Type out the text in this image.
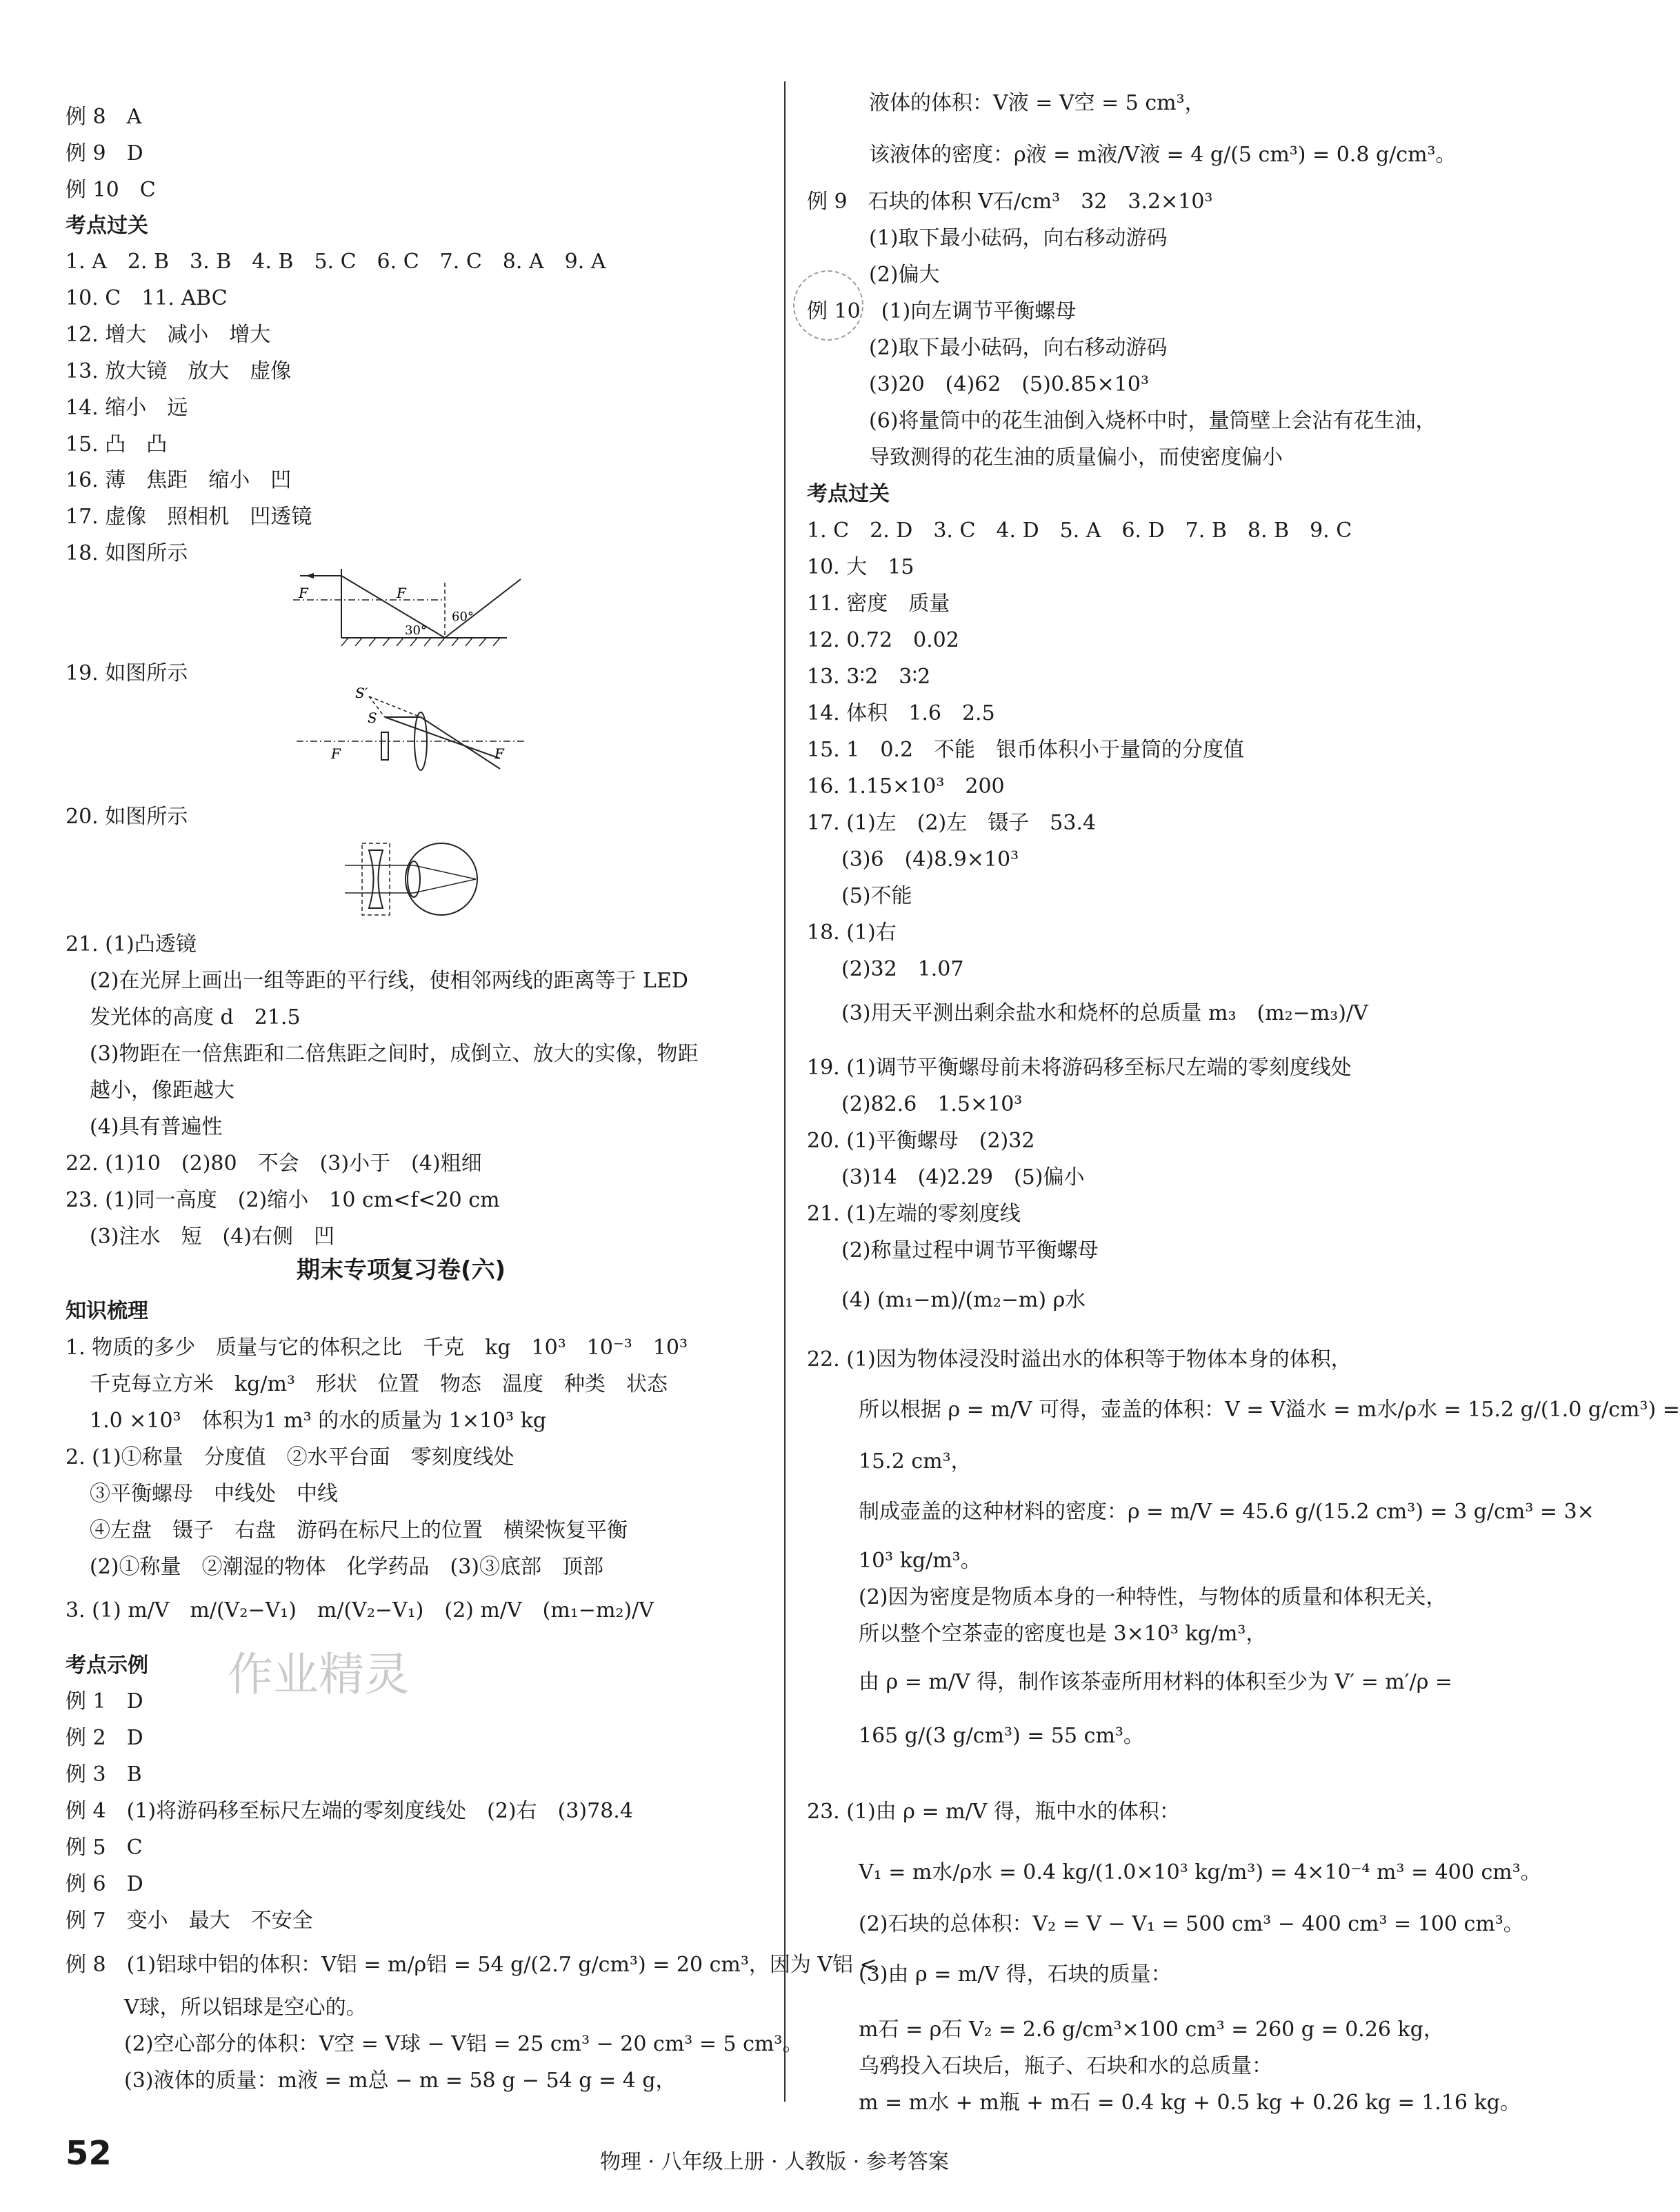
例 8　A
例 9　D
例 10　C
考点过关
1. A　2. B　3. B　4. B　5. C　6. C　7. C　8. A　9. A
10. C　11. ABC
12. 增大　减小　增大
13. 放大镜　放大　虚像
14. 缩小　远
15. 凸　凸
16. 薄　焦距　缩小　凹
17. 虚像　照相机　凹透镜
18. 如图所示
19. 如图所示
20. 如图所示
21. (1)凸透镜
(2)在光屏上画出一组等距的平行线，使相邻两线的距离等于 LED
发光体的高度 d　21.5
(3)物距在一倍焦距和二倍焦距之间时，成倒立、放大的实像，物距
越小，像距越大
(4)具有普遍性
22. (1)10　(2)80　不会　(3)小于　(4)粗细
23. (1)同一高度　(2)缩小　10 cm<f<20 cm
(3)注水　短　(4)右侧　凹
知识梳理
1. 物质的多少　质量与它的体积之比　千克　kg　10³　10⁻³　10³
千克每立方米　kg/m³　形状　位置　物态　温度　种类　状态
1.0 ×10³　体积为1 m³ 的水的质量为 1×10³ kg
2. (1)①称量　分度值　②水平台面　零刻度线处
③平衡螺母　中线处　中线
④左盘　镊子　右盘　游码在标尺上的位置　横梁恢复平衡
(2)①称量　②潮湿的物体　化学药品　(3)③底部　顶部
3. (1) m/V　m/(V₂−V₁)　m/(V₂−V₁)　(2) m/V　(m₁−m₂)/V
考点示例
例 1　D
例 2　D
例 3　B
例 4　(1)将游码移至标尺左端的零刻度线处　(2)右　(3)78.4
例 5　C
例 6　D
例 7　变小　最大　不安全
例 8　(1)铝球中铝的体积：V铝 = m/ρ铝 = 54 g/(2.7 g/cm³) = 20 cm³，因为 V铝 <
V球，所以铝球是空心的。
(2)空心部分的体积：V空 = V球 − V铝 = 25 cm³ − 20 cm³ = 5 cm³。
(3)液体的质量：m液 = m总 − m = 58 g − 54 g = 4 g，
期末专项复习卷(六)
液体的体积：V液 = V空 = 5 cm³，
该液体的密度：ρ液 = m液/V液 = 4 g/(5 cm³) = 0.8 g/cm³。
例 9　石块的体积 V石/cm³　32　3.2×10³
(1)取下最小砝码，向右移动游码
(2)偏大
例 10　(1)向左调节平衡螺母
(2)取下最小砝码，向右移动游码
(3)20　(4)62　(5)0.85×10³
(6)将量筒中的花生油倒入烧杯中时，量筒壁上会沾有花生油，
导致测得的花生油的质量偏小，而使密度偏小
考点过关
1. C　2. D　3. C　4. D　5. A　6. D　7. B　8. B　9. C
10. 大　15
11. 密度　质量
12. 0.72　0.02
13. 3∶2　3∶2
14. 体积　1.6　2.5
15. 1　0.2　不能　银币体积小于量筒的分度值
16. 1.15×10³　200
17. (1)左　(2)左　镊子　53.4
(3)6　(4)8.9×10³
(5)不能
18. (1)右
(2)32　1.07
(3)用天平测出剩余盐水和烧杯的总质量 m₃　(m₂−m₃)/V
19. (1)调节平衡螺母前未将游码移至标尺左端的零刻度线处
(2)82.6　1.5×10³
20. (1)平衡螺母　(2)32
(3)14　(4)2.29　(5)偏小
21. (1)左端的零刻度线
(2)称量过程中调节平衡螺母
(4) (m₁−m)/(m₂−m) ρ水
22. (1)因为物体浸没时溢出水的体积等于物体本身的体积，
所以根据 ρ = m/V 可得，壶盖的体积：V = V溢水 = m水/ρ水 = 15.2 g/(1.0 g/cm³) =
15.2 cm³，
制成壶盖的这种材料的密度：ρ = m/V = 45.6 g/(15.2 cm³) = 3 g/cm³ = 3×
10³ kg/m³。
(2)因为密度是物质本身的一种特性，与物体的质量和体积无关，
所以整个空茶壶的密度也是 3×10³ kg/m³，
由 ρ = m/V 得，制作该茶壶所用材料的体积至少为 V′ = m′/ρ =
165 g/(3 g/cm³) = 55 cm³。
23. (1)由 ρ = m/V 得，瓶中水的体积：
V₁ = m水/ρ水 = 0.4 kg/(1.0×10³ kg/m³) = 4×10⁻⁴ m³ = 400 cm³。
(2)石块的总体积：V₂ = V − V₁ = 500 cm³ − 400 cm³ = 100 cm³。
(3)由 ρ = m/V 得，石块的质量：
m石 = ρ石 V₂ = 2.6 g/cm³×100 cm³ = 260 g = 0.26 kg，
乌鸦投入石块后，瓶子、石块和水的总质量：
m = m水 + m瓶 + m石 = 0.4 kg + 0.5 kg + 0.26 kg = 1.16 kg。
F	F
30°
60°
S′
S
F	F
作业精灵
52	物理 · 八年级上册 · 人教版 · 参考答案
